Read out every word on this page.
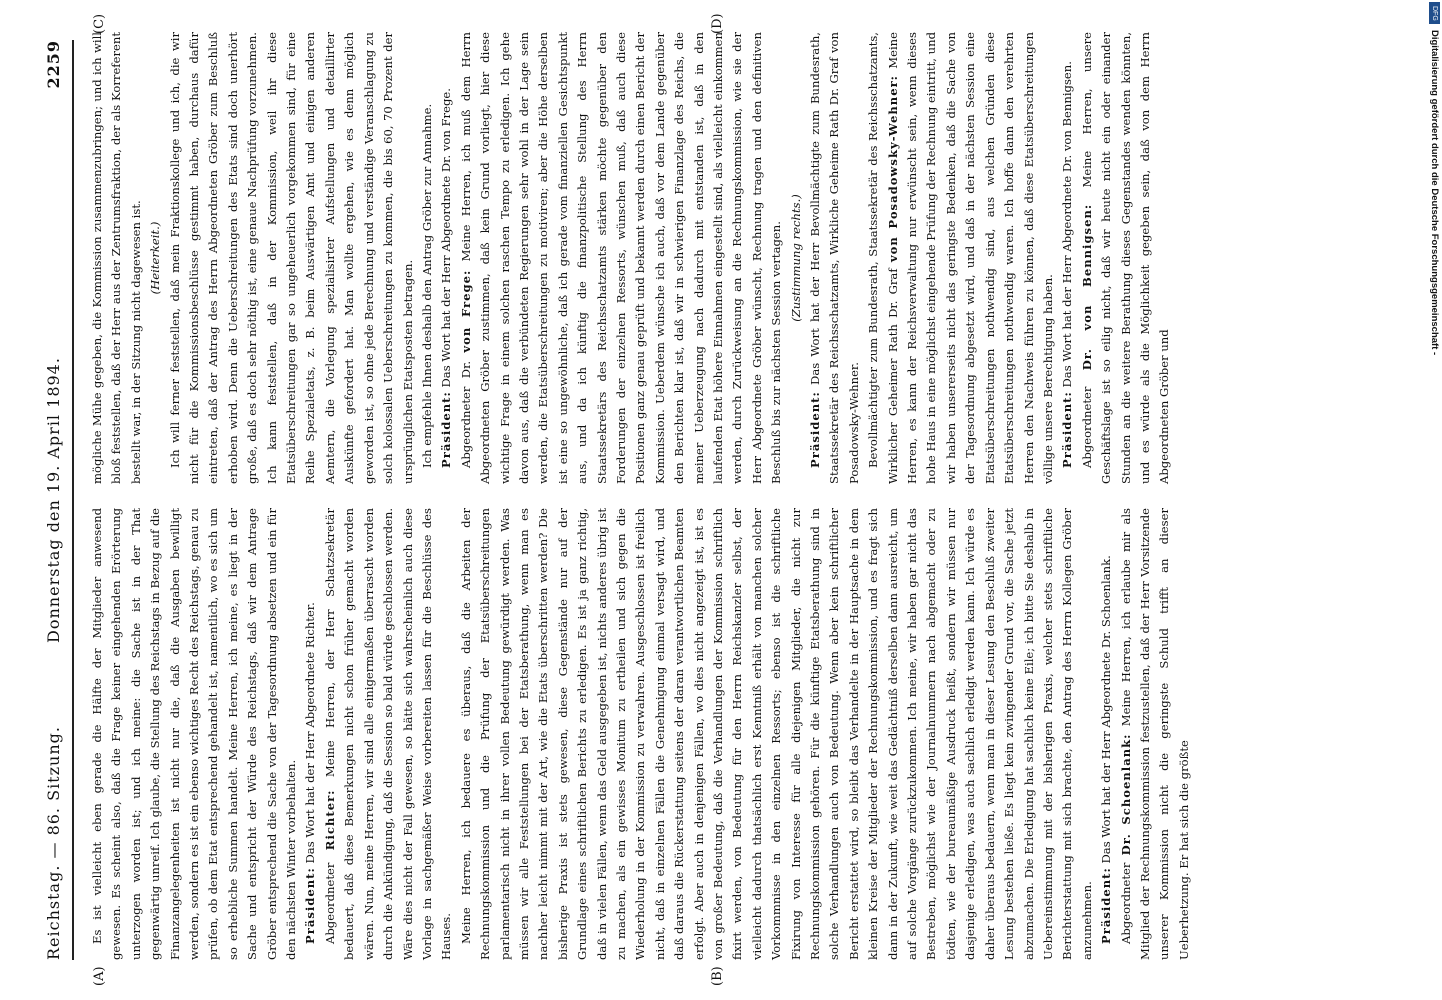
Reichstag. — 86. Sitzung.
Donnerstag den 19. April 1894.
2259
(A)	(B)
(C)	(D)

Es ist vielleicht eben gerade die Hälfte der Mitglieder anwesend gewesen. Es scheint also, daß die Frage keiner eingehenden Erörterung unterzogen worden ist; und ich meine: die Sache ist in der That gegenwärtig unreif. Ich glaube, die Stellung des Reichstags in Bezug auf die Finanzangelegenheiten ist nicht nur die, daß die Ausgaben bewilligt werden, sondern es ist ein ebenso wichtiges Recht des Reichstags, genau zu prüfen, ob dem Etat entsprechend gehandelt ist, namentlich, wo es sich um so erhebliche Summen handelt. Meine Herren, ich meine, es liegt in der Sache und entspricht der Würde des Reichstags, daß wir dem Antrage Gröber entsprechend die Sache von der Tagesordnung absetzen und ein für den nächsten Winter vorbehalten. Präsident: Das Wort hat der Herr Abgeordnete Richter.

Abgeordneter Richter: Meine Herren, der Herr Schatzsekretär bedauert, daß diese Bemerkungen nicht schon früher gemacht worden wären. Nun, meine Herren, wir sind alle einigermaßen überrascht worden durch die Ankündigung, daß die Session so bald würde geschlossen werden. Wäre dies nicht der Fall gewesen, so hätte sich wahrscheinlich auch diese Vorlage in sachgemäßer Weise vorbereiten lassen für die Beschlüsse des Hauses. Meine Herren, ich bedauere es überaus, daß die Arbeiten der Rechnungskommission und die Prüfung der Etatsüberschreitungen parlamentarisch nicht in ihrer vollen Bedeutung gewürdigt werden. Was müssen wir alle Feststellungen bei der Etatsberathung, wenn man es nachher leicht nimmt mit der Art, wie die Etats überschritten werden? Die bisherige Praxis ist stets gewesen, diese Gegenstände nur auf der Grundlage eines schriftlichen Berichts zu erledigen. Es ist ja ganz richtig, daß in vielen Fällen, wenn das Geld ausgegeben ist, nichts anderes übrig ist zu machen, als ein gewisses Monitum zu ertheilen und sich gegen die Wiederholung in der Kommission zu verwahren. Ausgeschlossen ist freilich nicht, daß in einzelnen Fällen die Genehmigung einmal versagt wird, und daß daraus die Rückerstattung seitens der daran verantwortlichen Beamten erfolgt. Aber auch in denjenigen Fällen, wo dies nicht angezeigt ist, ist es von großer Bedeutung, daß die Verhandlungen der Kommission schriftlich fixirt werden, von Bedeutung für den Herrn Reichskanzler selbst, der vielleicht dadurch thatsächlich erst Kenntniß erhält von manchen solcher Vorkommnisse in den einzelnen Ressorts; ebenso ist die schriftliche Fixirung von Interesse für alle diejenigen Mitglieder, die nicht zur Rechnungskommission gehören. Für die künftige Etatsberathung sind in solche Verhandlungen auch von Bedeutung. Wenn aber kein schriftlicher Bericht erstattet wird, so bleibt das Verhandelte in der Hauptsache in dem kleinen Kreise der Mitglieder der Rechnungskommission, und es fragt sich dann in der Zukunft, wie weit das Gedächtniß derselben dann ausreicht, um auf solche Vorgänge zurückzukommen. Ich meine, wir haben gar nicht das Bestreben, möglichst wie der Journalnummern nach abgemacht oder zu tödten, wie der bureaumäßige Ausdruck heißt, sondern wir müssen nur dasjenige erledigen, was auch sachlich erledigt werden kann. Ich würde es daher überaus bedauern, wenn man in dieser Lesung den Beschluß zweiter Lesung bestehen ließe. Es liegt kein zwingender Grund vor, die Sache jetzt abzumachen. Die Erledigung hat sachlich keine Eile; ich bitte Sie deshalb in Uebereinstimmung mit der bisherigen Praxis, welcher stets schriftliche Berichterstattung mit sich brachte, den Antrag des Herrn Kollegen Gröber anzunehmen. Präsident: Das Wort hat der Herr Abgeordnete Dr. Schoenlank.

Abgeordneter Dr. Schoenlank: Meine Herren, ich erlaube mir als Mitglied der Rechnungskommission festzustellen, daß der Herr Vorsitzende unserer Kommission nicht die geringste Schuld trifft an dieser Ueberhetzung. Er hat sich die größte

mögliche Mühe gegeben, die Kommission zusammenzubringen; und ich will bloß feststellen, daß der Herr aus der Zentrumsfraktion, der als Korreferent bestellt war, in der Sitzung nicht dagewesen ist. (Heiterkeit.) Ich will ferner feststellen, daß mein Fraktionskollege und ich, die wir nicht für die Kommissionsbeschlüsse gestimmt haben, durchaus dafür eintreten, daß der Antrag des Herrn Abgeordneten Gröber zum Beschluß erhoben wird. Denn die Ueberschreitungen des Etats sind doch unerhört große, daß es doch sehr nöthig ist, eine genaue Nachprüfung vorzunehmen. Ich kann feststellen, daß in der Kommission, weil ihr diese Etatsüberschreitungen gar so ungeheuerlich vorgekommen sind, für eine Reihe Spezialetats, z. B. beim Auswärtigen Amt und einigen anderen Aemtern, die Vorlegung spezialisirter Aufstellungen und detaillirter Auskünfte gefordert hat. Man wollte ergehen, wie es denn möglich geworden ist, so ohne jede Berechnung und verständige Veranschlagung zu solch kolossalen Ueberschreitungen zu kommen, die bis 60, 70 Prozent der ursprünglichen Etatsposten betragen. Ich empfehle Ihnen deshalb den Antrag Gröber zur Annahme. Präsident: Das Wort hat der Herr Abgeordnete Dr. von Frege.

Abgeordneter Dr. von Frege: Meine Herren, ich muß dem Herrn Abgeordneten Gröber zustimmen, daß kein Grund vorliegt, hier diese wichtige Frage in einem solchen raschen Tempo zu erledigen. Ich gehe davon aus, daß die verbündeten Regierungen sehr wohl in der Lage sein werden, die Etatsüberschreitungen zu motiviren; aber die Höhe derselben ist eine so ungewöhnliche, daß ich gerade vom finanziellen Gesichtspunkt aus, und da ich künftig die finanzpolitische Stellung des Herrn Staatssekretärs des Reichsschatzamts stärken möchte gegenüber den Forderungen der einzelnen Ressorts, wünschen muß, daß auch diese Positionen ganz genau geprüft und bekannt werden durch einen Bericht der Kommission. Ueberdem wünsche ich auch, daß vor dem Lande gegenüber den Berichten klar ist, daß wir in schwierigen Finanzlage des Reichs, die meiner Ueberzeugung nach dadurch mit entstanden ist, daß in den laufenden Etat höhere Einnahmen eingestellt sind, als vielleicht einkommen werden, durch Zurückweisung an die Rechnungskommission, wie sie der Herr Abgeordnete Gröber wünscht, Rechnung tragen und den definitiven Beschluß bis zur nächsten Session vertagen. (Zustimmung rechts.)

Präsident: Das Wort hat der Herr Bevollmächtigte zum Bundesrath, Staatssekretär des Reichsschatzamts, Wirkliche Geheime Rath Dr. Graf von Posadowsky-Wehner. Bevollmächtigter zum Bundesrath, Staatssekretär des Reichsschatzamts, Wirklicher Geheimer Rath Dr. Graf von Posadowsky-Wehner: Meine Herren, es kann der Reichsverwaltung nur erwünscht sein, wenn dieses hohe Haus in eine möglichst eingehende Prüfung der Rechnung eintritt, und wir haben unsererseits nicht das geringste Bedenken, daß die Sache von der Tagesordnung abgesetzt wird, und daß in der nächsten Session eine Etatsüberschreitungen nothwendig sind, aus welchen Gründen diese Etatsüberschreitungen nothwendig waren. Ich hoffe dann den verehrten Herren den Nachweis führen zu können, daß diese Etatsüberschreitungen völlige unsere Berechtigung haben. Präsident: Das Wort hat der Herr Abgeordnete Dr. von Bennigsen.

Abgeordneter Dr. von Bennigsen: Meine Herren, unsere Geschäftslage ist so eilig nicht, daß wir heute nicht ein oder einander Stunden an die weitere Berathung dieses Gegenstandes wenden könnten, und es würde als die Möglichkeit gegeben sein, daß von dem Herrn Abgeordneten Gröber und

DFG
Digitalisierung gefördert durch die Deutsche Forschungsgemeinschaft -
